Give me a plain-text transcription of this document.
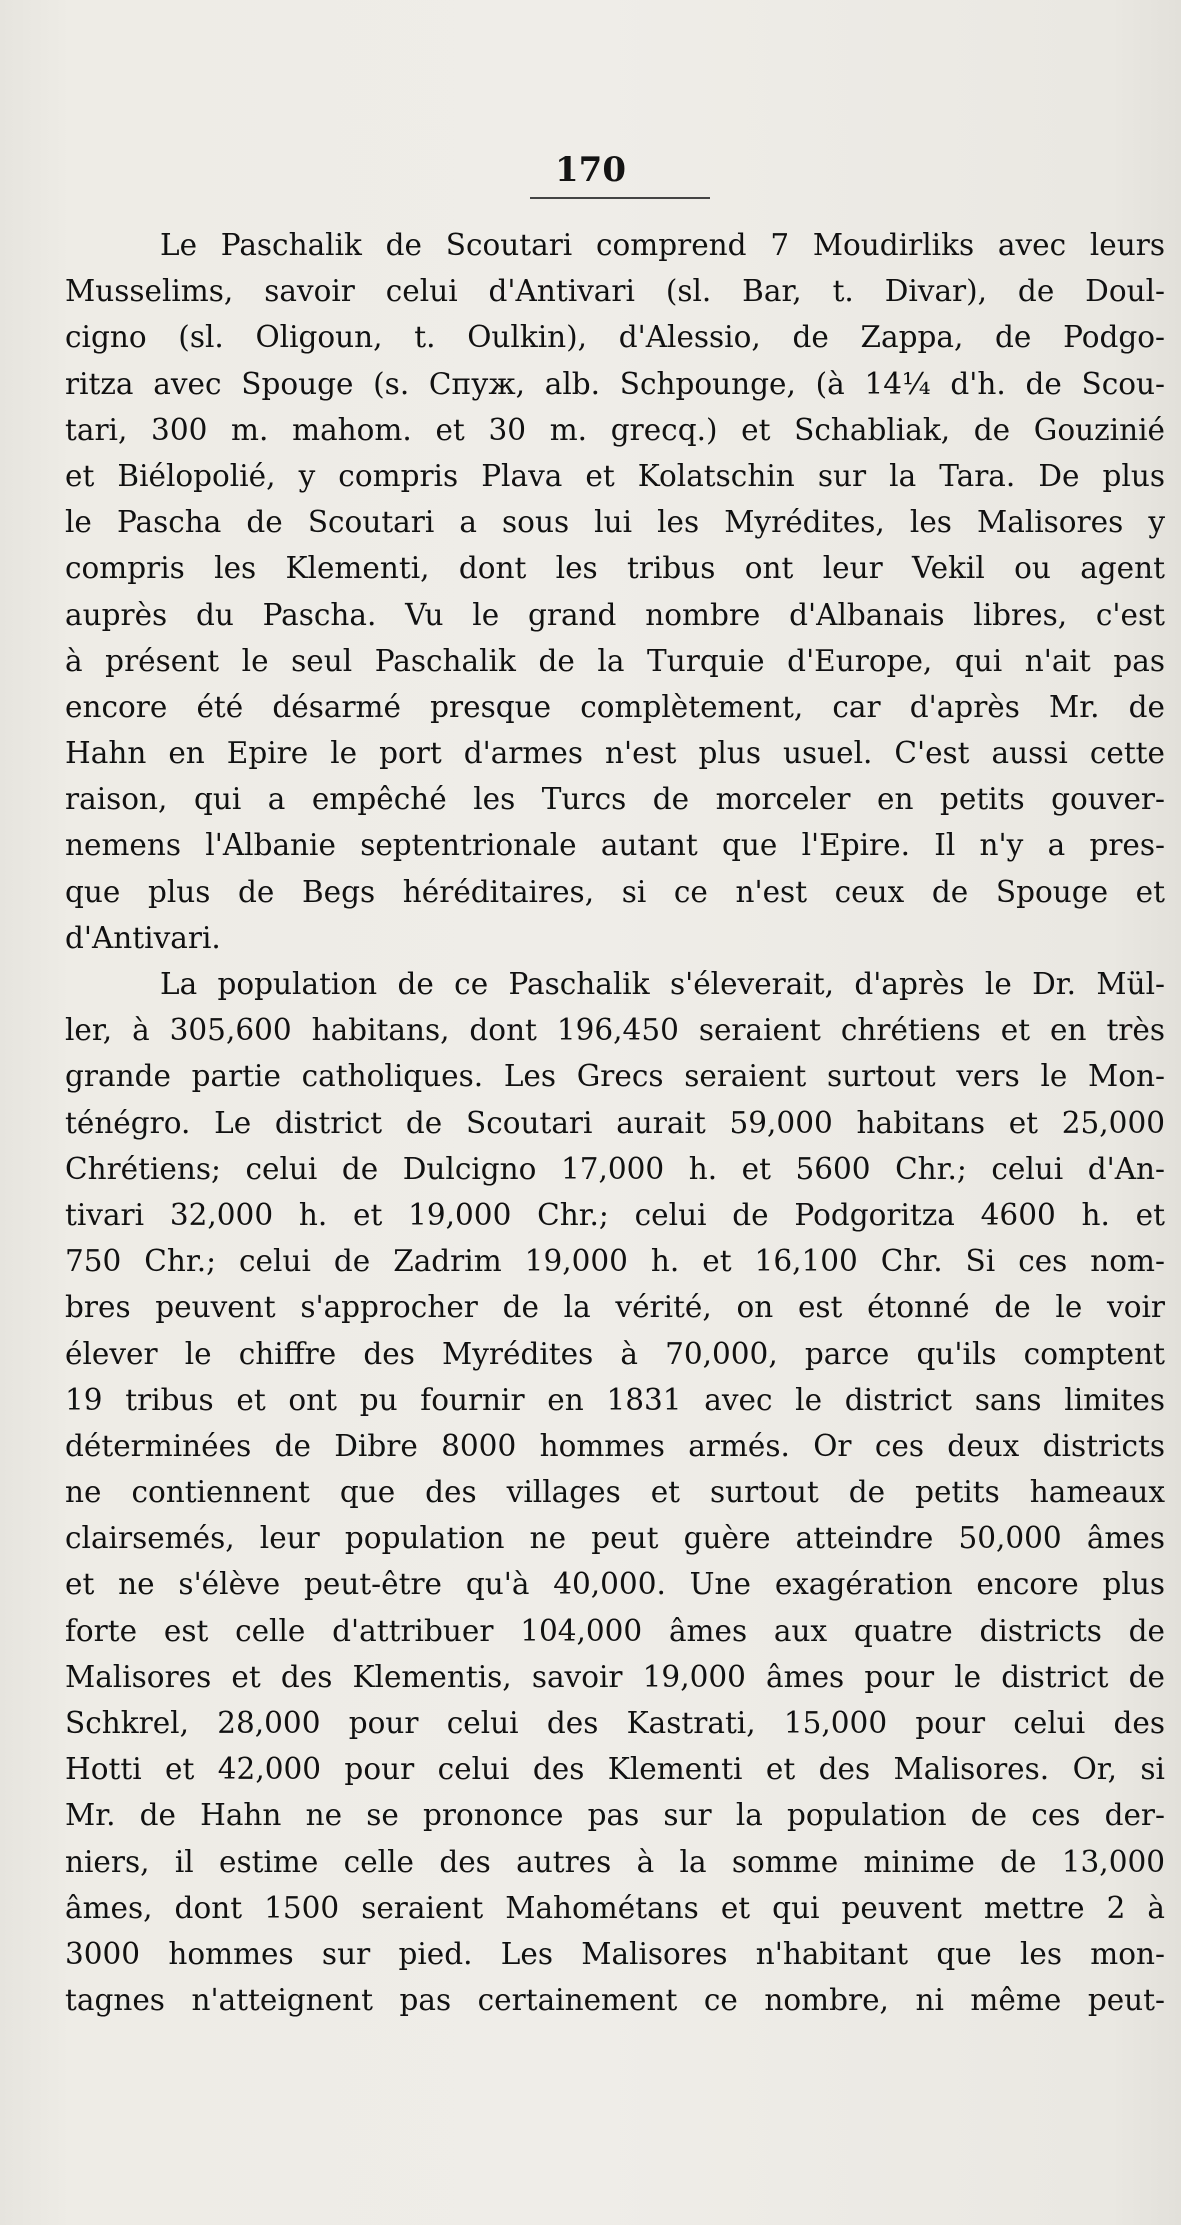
170
Le Paschalik de Scoutari comprend 7 Moudirliks avec leurs
Musselims, savoir celui d'Antivari (sl. Bar, t. Divar), de Doul-
cigno (sl. Oligoun, t. Oulkin), d'Alessio, de Zappa, de Podgo-
ritza avec Spouge (s. Спуж, alb. Schpounge, (à 14¼ d'h. de Scou-
tari, 300 m. mahom. et 30 m. grecq.) et Schabliak, de Gouzinié
et Biélopolié, y compris Plava et Kolatschin sur la Tara. De plus
le Pascha de Scoutari a sous lui les Myrédites, les Malisores y
compris les Klementi, dont les tribus ont leur Vekil ou agent
auprès du Pascha. Vu le grand nombre d'Albanais libres, c'est
à présent le seul Paschalik de la Turquie d'Europe, qui n'ait pas
encore été désarmé presque complètement, car d'après Mr. de
Hahn en Epire le port d'armes n'est plus usuel. C'est aussi cette
raison, qui a empêché les Turcs de morceler en petits gouver-
nemens l'Albanie septentrionale autant que l'Epire. Il n'y a pres-
que plus de Begs héréditaires, si ce n'est ceux de Spouge et
d'Antivari.
La population de ce Paschalik s'éleverait, d'après le Dr. Mül-
ler, à 305,600 habitans, dont 196,450 seraient chrétiens et en très
grande partie catholiques. Les Grecs seraient surtout vers le Mon-
ténégro. Le district de Scoutari aurait 59,000 habitans et 25,000
Chrétiens; celui de Dulcigno 17,000 h. et 5600 Chr.; celui d'An-
tivari 32,000 h. et 19,000 Chr.; celui de Podgoritza 4600 h. et
750 Chr.; celui de Zadrim 19,000 h. et 16,100 Chr. Si ces nom-
bres peuvent s'approcher de la vérité, on est étonné de le voir
élever le chiffre des Myrédites à 70,000, parce qu'ils comptent
19 tribus et ont pu fournir en 1831 avec le district sans limites
déterminées de Dibre 8000 hommes armés. Or ces deux districts
ne contiennent que des villages et surtout de petits hameaux
clairsemés, leur population ne peut guère atteindre 50,000 âmes
et ne s'élève peut-être qu'à 40,000. Une exagération encore plus
forte est celle d'attribuer 104,000 âmes aux quatre districts de
Malisores et des Klementis, savoir 19,000 âmes pour le district de
Schkrel, 28,000 pour celui des Kastrati, 15,000 pour celui des
Hotti et 42,000 pour celui des Klementi et des Malisores. Or, si
Mr. de Hahn ne se prononce pas sur la population de ces der-
niers, il estime celle des autres à la somme minime de 13,000
âmes, dont 1500 seraient Mahométans et qui peuvent mettre 2 à
3000 hommes sur pied. Les Malisores n'habitant que les mon-
tagnes n'atteignent pas certainement ce nombre, ni même peut-
